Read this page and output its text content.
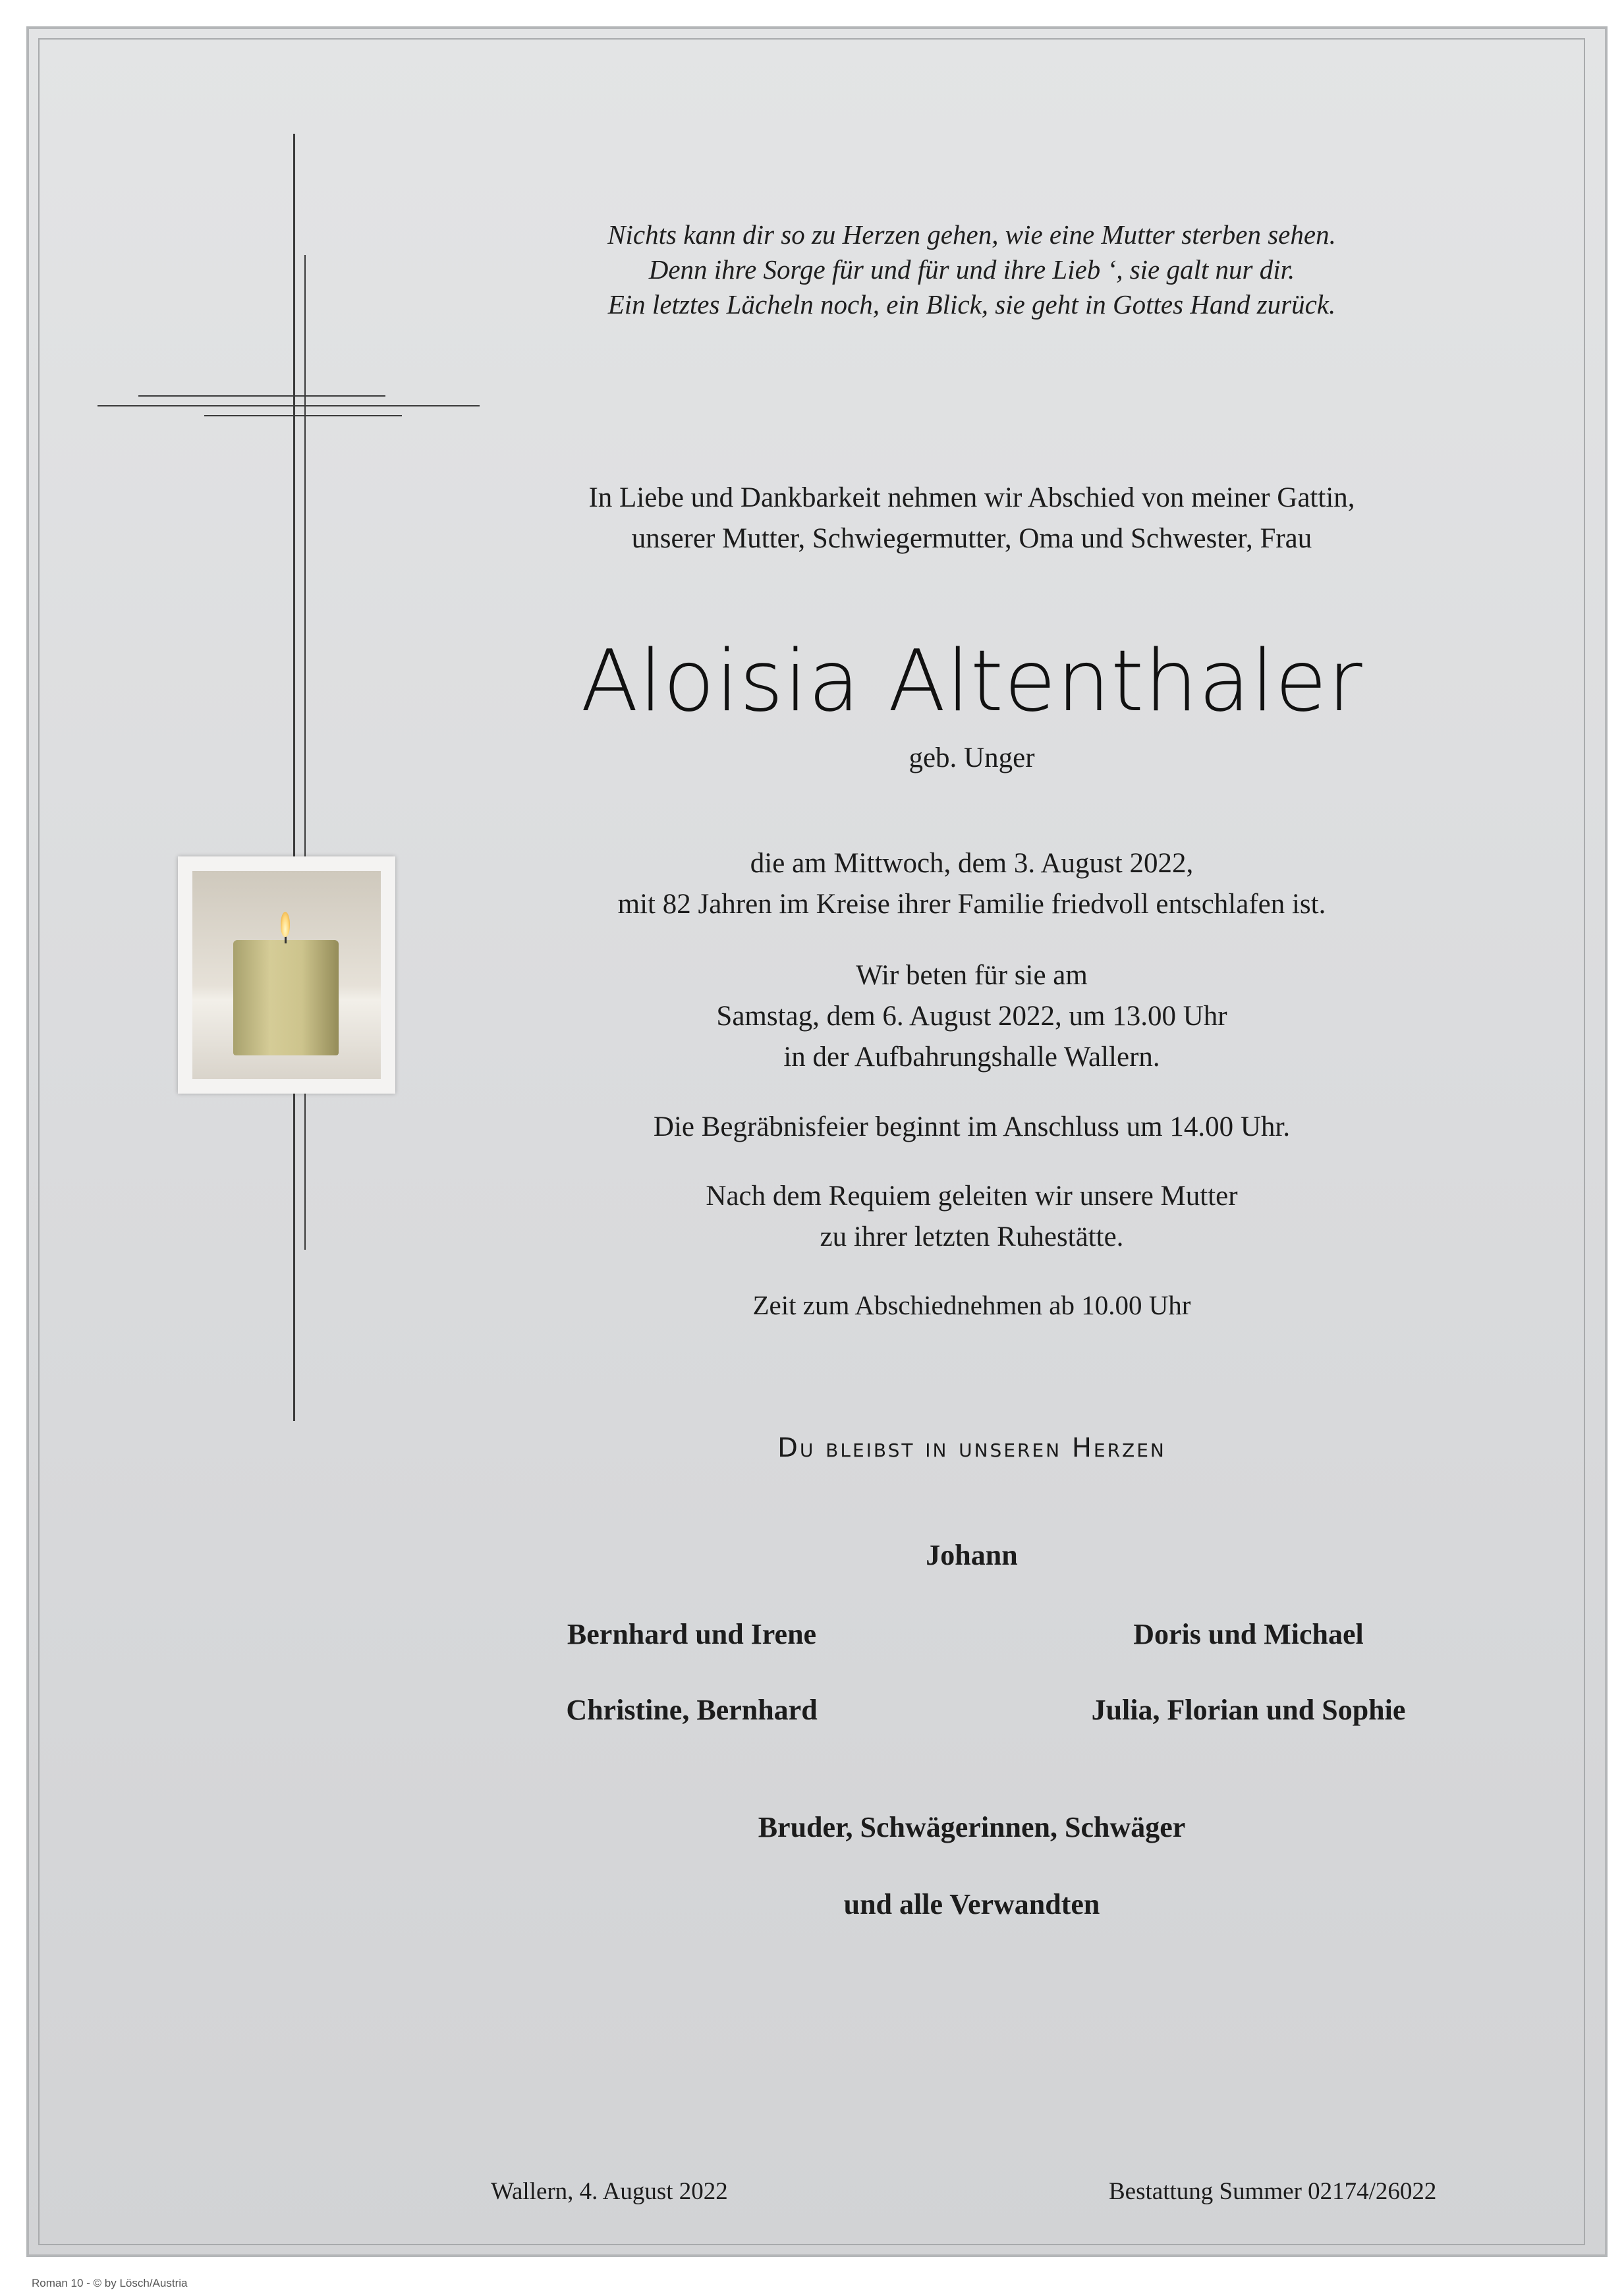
Nichts kann dir so zu Herzen gehen, wie eine Mutter sterben sehen.
Denn ihre Sorge für und für und ihre Lieb ‘, sie galt nur dir.
Ein letztes Lächeln noch, ein Blick, sie geht in Gottes Hand zurück.
In Liebe und Dankbarkeit nehmen wir Abschied von meiner Gattin,
unserer Mutter, Schwiegermutter, Oma und Schwester, Frau
Aloisia Altenthaler
geb. Unger
die am Mittwoch, dem 3. August 2022,
mit 82 Jahren im Kreise ihrer Familie friedvoll entschlafen ist.
Wir beten für sie am
Samstag, dem 6. August 2022, um 13.00 Uhr
in der Aufbahrungshalle Wallern.
Die Begräbnisfeier beginnt im Anschluss um 14.00 Uhr.
Nach dem Requiem geleiten wir unsere Mutter
zu ihrer letzten Ruhestätte.
Zeit zum Abschiednehmen ab 10.00 Uhr
Du bleibst in unseren Herzen
Johann
Bernhard und Irene	Doris und Michael
Christine, Bernhard	Julia, Florian und Sophie
Bruder, Schwägerinnen, Schwäger
und alle Verwandten
Wallern, 4. August 2022	Bestattung Summer 02174/26022
Roman 10 - © by Lösch/Austria
